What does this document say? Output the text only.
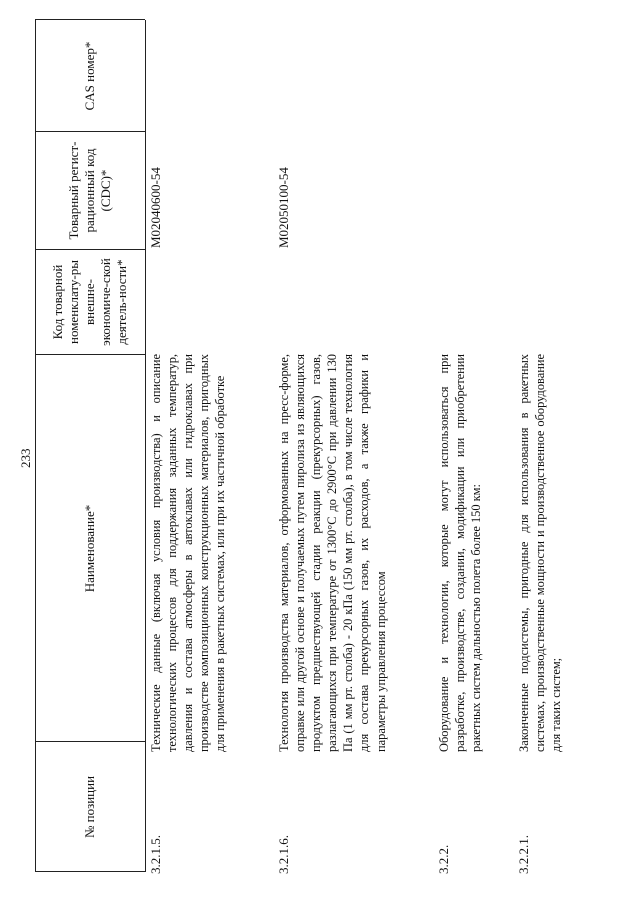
233
№ позиции
Наименование*
Код товарной номенклату-ры внешне-экономиче-ской деятель-ности*
Товарный регист-рационный код (CDC)*
CAS номер*
3.2.1.5.
Технические данные (включая условия производства) и описание технологических процессов для поддержания заданных температур, давления и состава атмосферы в автоклавах или гидроклавах при производстве композиционных конструкционных материалов, пригодных для применения в ракетных системах, или при их частичной обработке
M02040600-54
3.2.1.6.
Технология производства материалов, отформованных на пресс-форме, оправке или другой основе и получаемых путем пиролиза из являющихся продуктом предшествующей стадии реакции (прекурсорных) газов, разлагающихся при температуре от 1300°С до 2900°С при давлении 130 Па (1 мм рт. столба) - 20 кПа (150 мм рт. столба), в том числе технология для состава прекурсорных газов, их расходов, а также графики и параметры управления процессом
M02050100-54
3.2.2.
Оборудование и технологии, которые могут использоваться при разработке, производстве, создании, модификации или приобретении ракетных систем дальностью полета более 150 км:
3.2.2.1.
Законченные подсистемы, пригодные для использования в ракетных системах, производственные мощности и производственное оборудование для таких систем;
